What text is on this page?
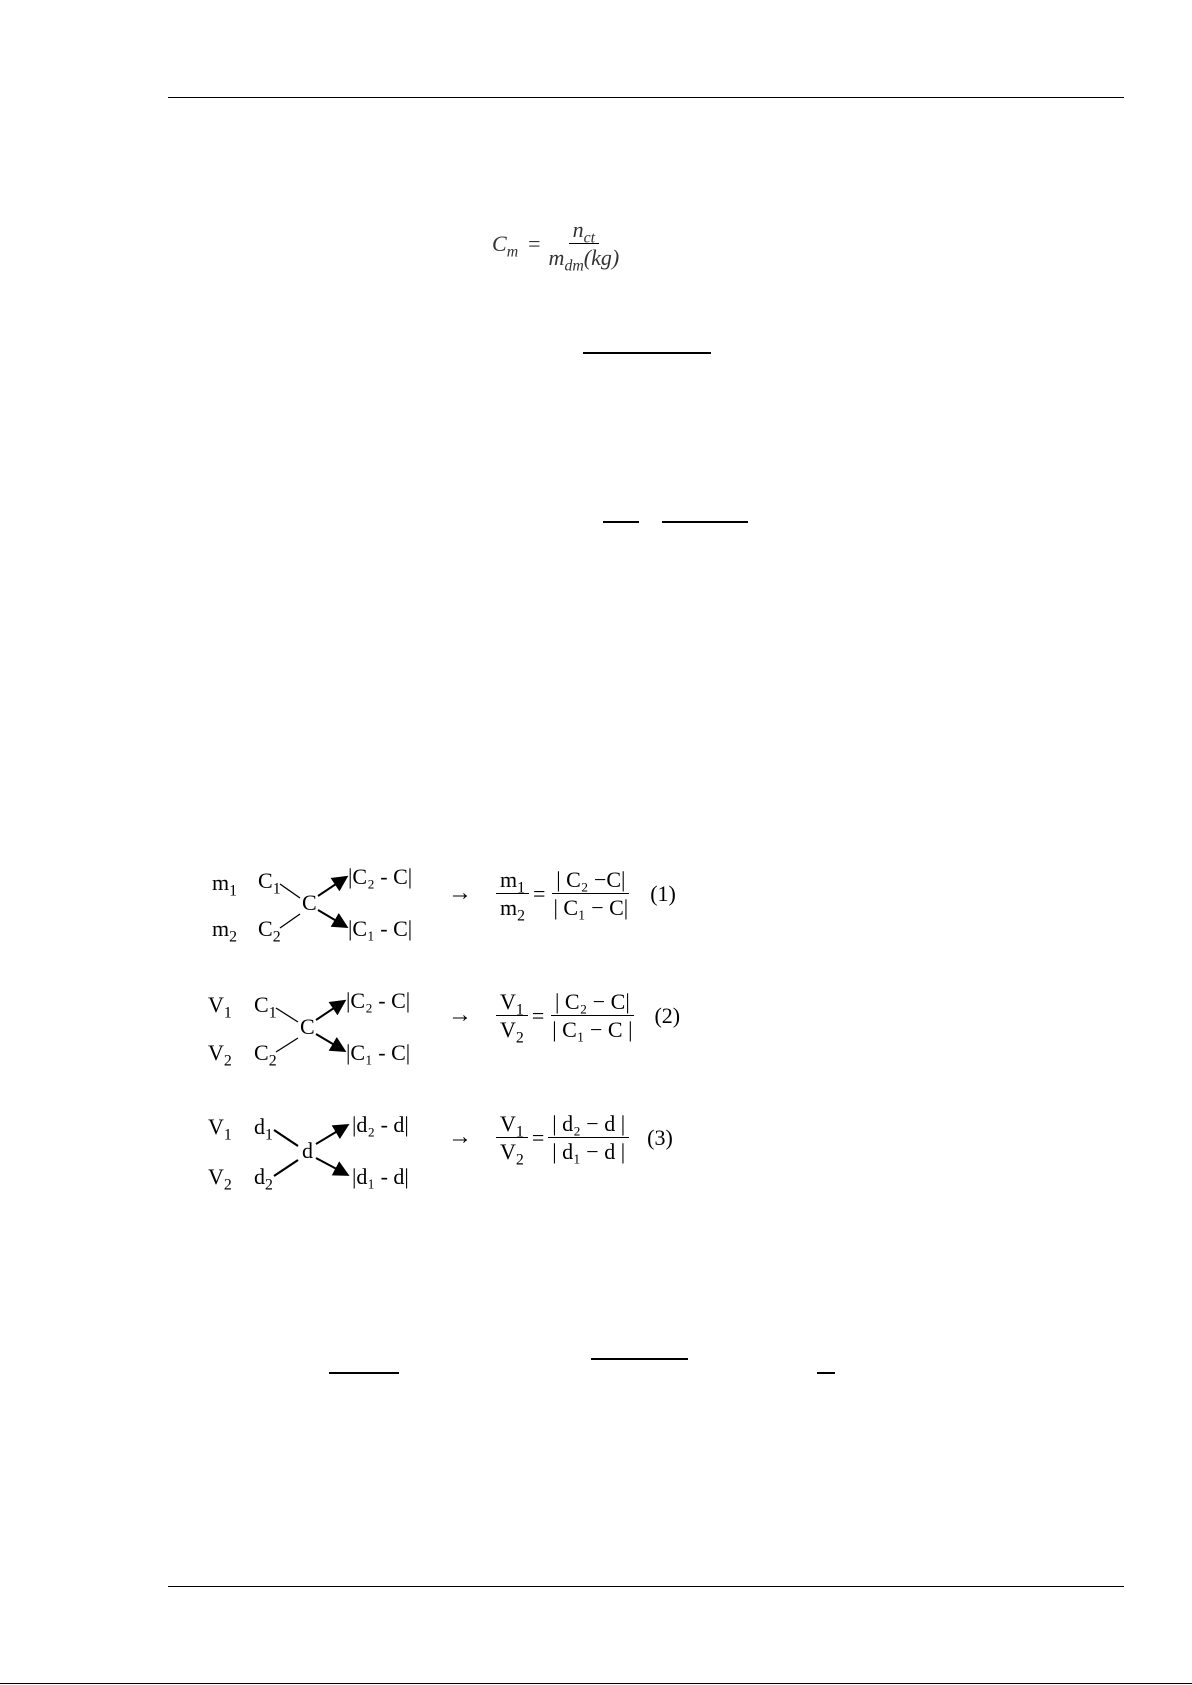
$C_m = \frac{n_{ct}}{m_{dm}(kg)}$
$m_1$ $C_1$
$m_2$ $C_2$
C
|C₂ - C|
|C₁ - C|
→ $\frac{m_1}{m_2} = \frac{\text{| C₂ −C|}}{\text{| C₁ − C|}} (1)$
$V_1$ $C_1$
$V_2$ $C_2$
C
|C₂ - C|
|C₁ - C|
→ $\frac{V_1}{V_2} = \frac{\text{| C₂ − C|}}{\text{| C₁ − C |}} (2)$
$V_1$ $d_1$
$V_2$ $d_2$
d
|d₂ - d|
|d₁ - d|
→ $\frac{V_1}{V_2} = \frac{\text{| d₂ − d |}}{\text{| d₁ − d |}} (3)$
